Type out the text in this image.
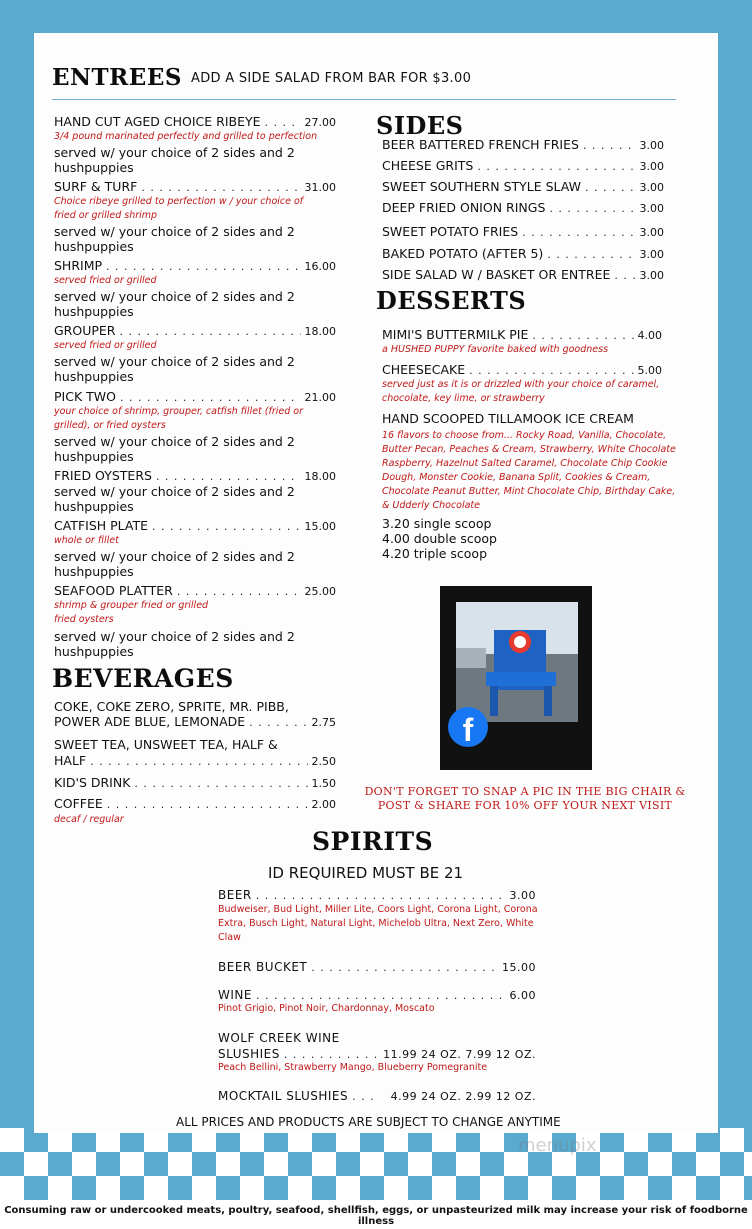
Consuming raw or undercooked meats, poultry, seafood, shellfish, eggs, or unpasteurized milk may increase your risk of foodborne illness
ENTREES ADD A SIDE SALAD FROM BAR FOR $3.00
HAND CUT AGED CHOICE RIBEYE . . .	27.00
3/4 pound marinated perfectly and grilled to perfection
served w/ your choice of 2 sides and 2 hushpuppies
SURF & TURF . . .	31.00
Choice ribeye grilled to perfection w / your choice of fried or grilled shrimp
served w/ your choice of 2 sides and 2 hushpuppies
SHRIMP . . .	16.00
served fried or grilled
served w/ your choice of 2 sides and 2 hushpuppies
GROUPER . . .	18.00
served fried or grilled
served w/ your choice of 2 sides and 2 hushpuppies
PICK TWO . . .	21.00
your choice of shrimp, grouper, catfish fillet (fried or grilled), or fried oysters
served w/ your choice of 2 sides and 2 hushpuppies
FRIED OYSTERS . . .	18.00
served w/ your choice of 2 sides and 2 hushpuppies
CATFISH PLATE . . .	15.00
whole or fillet
served w/ your choice of 2 sides and 2 hushpuppies
SEAFOOD PLATTER . . .	25.00
shrimp & grouper fried or grilled fried oysters
served w/ your choice of 2 sides and 2 hushpuppies
BEVERAGES
COKE, COKE ZERO, SPRITE, MR. PIBB,
POWER ADE BLUE, LEMONADE . . .	2.75
SWEET TEA, UNSWEET TEA, HALF &
HALF . . .	2.50
KID'S DRINK . . .	1.50
COFFEE . . .	2.00
decaf / regular
SIDES
BEER BATTERED FRENCH FRIES . . .	3.00
CHEESE GRITS . . .	3.00
SWEET SOUTHERN STYLE SLAW . . .	3.00
DEEP FRIED ONION RINGS . . .	3.00
SWEET POTATO FRIES . . .	3.00
BAKED POTATO (AFTER 5) . . .	3.00
SIDE SALAD W / BASKET OR ENTREE . . .	3.00
DESSERTS
MIMI'S BUTTERMILK PIE . . .	4.00
a HUSHED PUPPY favorite baked with goodness
CHEESECAKE . . .	5.00
served just as it is or drizzled with your choice of caramel, chocolate, key lime, or strawberry
HAND SCOOPED TILLAMOOK ICE CREAM
16 flavors to choose from... Rocky Road, Vanilla, Chocolate, Butter Pecan, Peaches & Cream, Strawberry, White Chocolate Raspberry, Hazelnut Salted Caramel, Chocolate Chip Cookie Dough, Monster Cookie, Banana Split, Cookies & Cream, Chocolate Peanut Butter, Mint Chocolate Chip, Birthday Cake, & Udderly Chocolate
3.20 single scoop
4.00 double scoop
4.20 triple scoop
f
DON'T FORGET TO SNAP A PIC IN THE BIG CHAIR &
POST & SHARE FOR 10% OFF YOUR NEXT VISIT
SPIRITS
ID REQUIRED MUST BE 21
BEER . . .	3.00
Budweiser, Bud Light, Miller Lite, Coors Light, Corona Light, Corona Extra, Busch Light, Natural Light, Michelob Ultra, Next Zero, White Claw
BEER BUCKET . . .	15.00
WINE . . .	6.00
Pinot Grigio, Pinot Noir, Chardonnay, Moscato
WOLF CREEK WINE
SLUSHIES . . .	11.99 24 OZ. 7.99 12 OZ.
Peach Bellini, Strawberry Mango, Blueberry Pomegranite
MOCKTAIL SLUSHIES . . .	4.99 24 OZ. 2.99 12 OZ.
ALL PRICES AND PRODUCTS ARE SUBJECT TO CHANGE ANYTIME
menupix
